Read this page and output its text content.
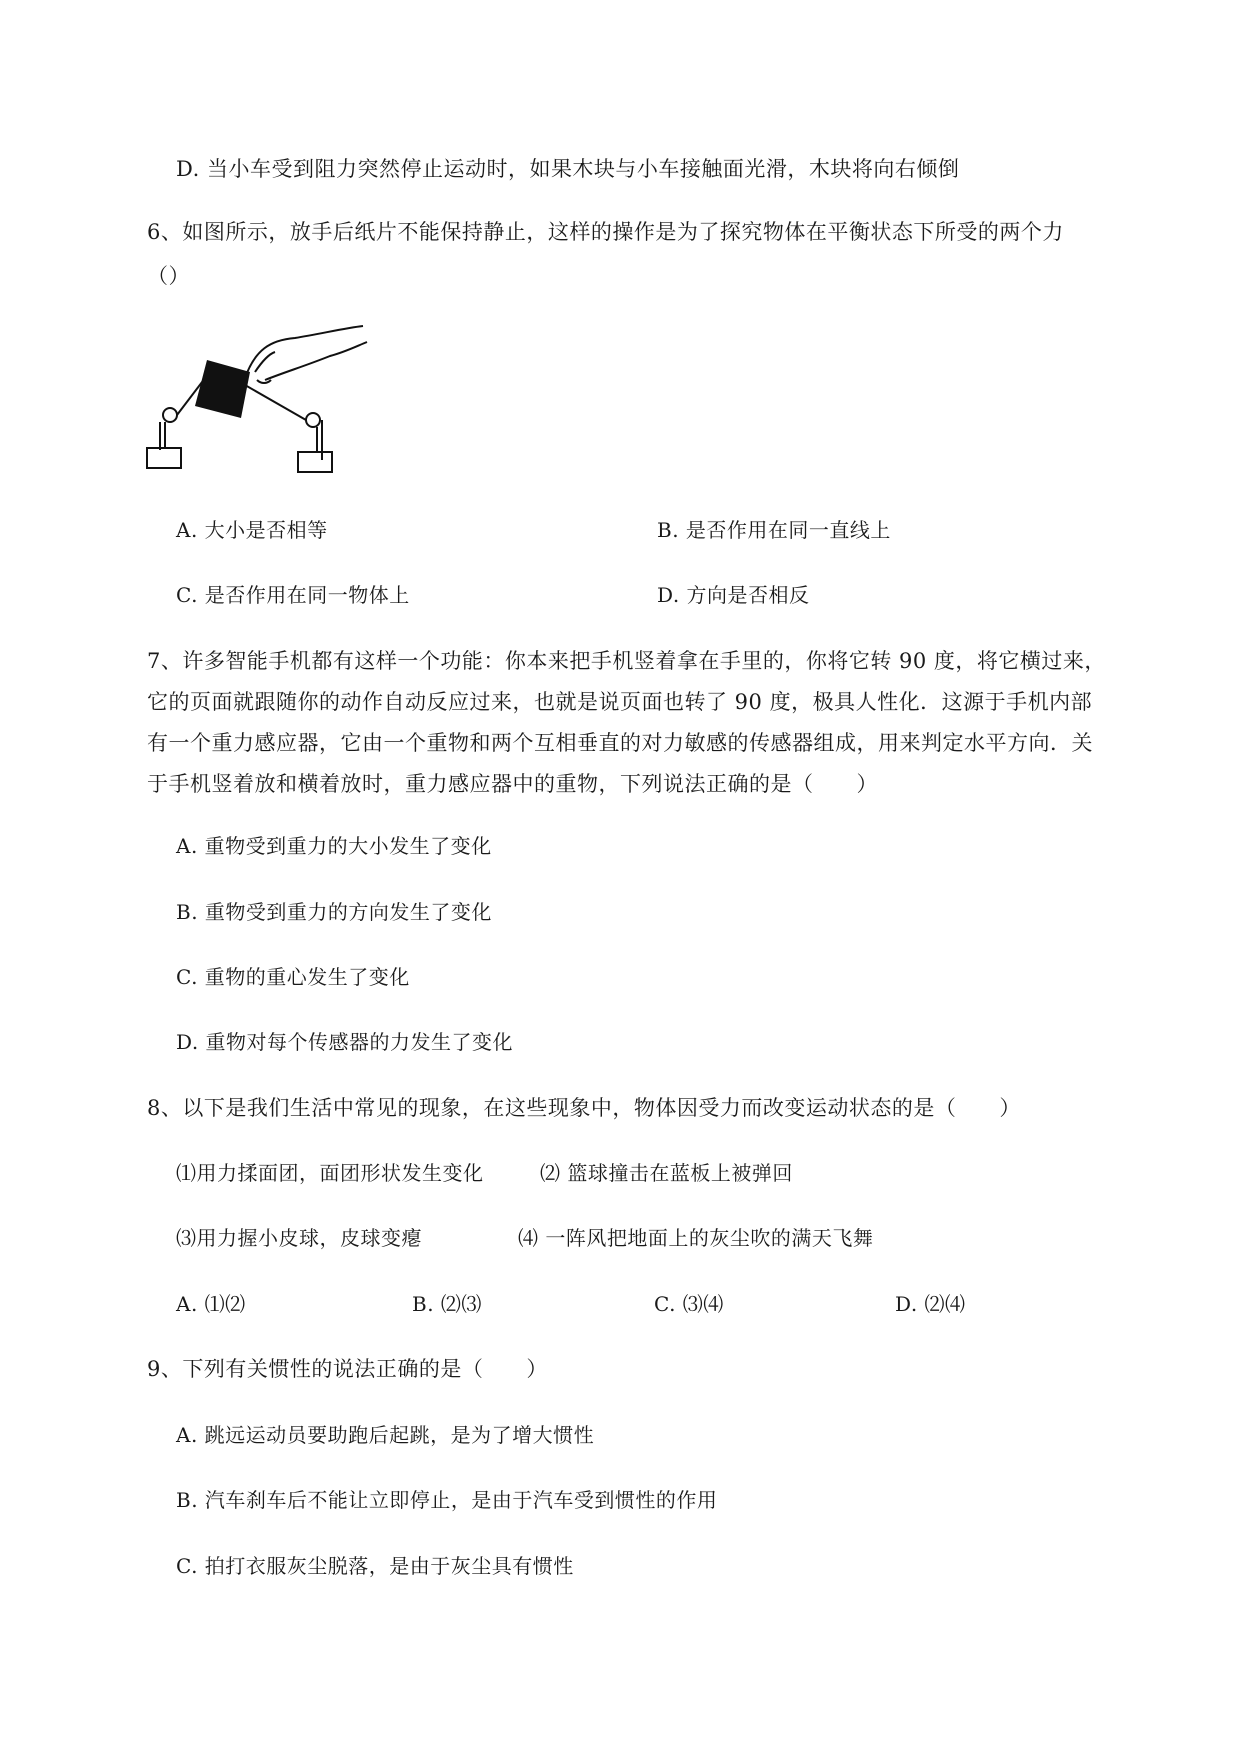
D. 当小车受到阻力突然停止运动时，如果木块与小车接触面光滑，木块将向右倾倒
6、如图所示，放手后纸片不能保持静止，这样的操作是为了探究物体在平衡状态下所受的两个力
（）
A. 大小是否相等	B. 是否作用在同一直线上
C. 是否作用在同一物体上	D. 方向是否相反
7、许多智能手机都有这样一个功能：你本来把手机竖着拿在手里的，你将它转 90 度，将它横过来，
它的页面就跟随你的动作自动反应过来，也就是说页面也转了 90 度，极具人性化．这源于手机内部
有一个重力感应器，它由一个重物和两个互相垂直的对力敏感的传感器组成，用来判定水平方向．关
于手机竖着放和横着放时，重力感应器中的重物，下列说法正确的是（　　）
A. 重物受到重力的大小发生了变化
B. 重物受到重力的方向发生了变化
C. 重物的重心发生了变化
D. 重物对每个传感器的力发生了变化
8、以下是我们生活中常见的现象，在这些现象中，物体因受力而改变运动状态的是（　　）
⑴用力揉面团，面团形状发生变化	⑵ 篮球撞击在蓝板上被弹回
⑶用力握小皮球，皮球变瘪	⑷ 一阵风把地面上的灰尘吹的满天飞舞
A. ⑴⑵	B. ⑵⑶	C. ⑶⑷	D. ⑵⑷
9、下列有关惯性的说法正确的是（　　）
A. 跳远运动员要助跑后起跳，是为了增大惯性
B. 汽车刹车后不能让立即停止，是由于汽车受到惯性的作用
C. 拍打衣服灰尘脱落，是由于灰尘具有惯性
